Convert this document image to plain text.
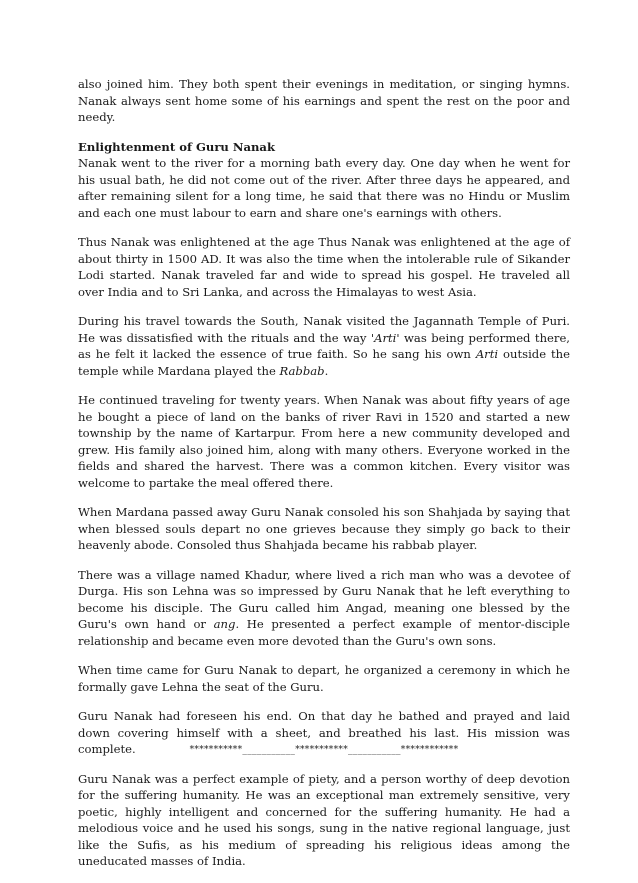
also joined him. They both spent their evenings in meditation, or singing hymns. Nanak always sent home some of his earnings and spent the rest on the poor and needy.

Enlightenment of Guru Nanak
Nanak went to the river for a morning bath every day. One day when he went for his usual bath, he did not come out of the river. After three days he appeared, and after remaining silent for a long time, he said that there was no Hindu or Muslim and each one must labour to earn and share one's earnings with others.

Thus Nanak was enlightened at the age Thus Nanak was enlightened at the age of about thirty in 1500 AD. It was also the time when the intolerable rule of Sikander Lodi started. Nanak traveled far and wide to spread his gospel. He traveled all over India and to Sri Lanka, and across the Himalayas to west Asia.

During his travel towards the South, Nanak visited the Jagannath Temple of Puri. He was dissatisfied with the rituals and the way 'Arti' was being performed there, as he felt it lacked the essence of true faith. So he sang his own Arti outside the temple while Mardana played the Rabbab.

He continued traveling for twenty years. When Nanak was about fifty years of age he bought a piece of land on the banks of river Ravi in 1520 and started a new township by the name of Kartarpur. From here a new community developed and grew. His family also joined him, along with many others. Everyone worked in the fields and shared the harvest. There was a common kitchen. Every visitor was welcome to partake the meal offered there.

When Mardana passed away Guru Nanak consoled his son Shahjada by saying that when blessed souls depart no one grieves because they simply go back to their heavenly abode. Consoled thus Shahjada became his rabbab player.

There was a village named Khadur, where lived a rich man who was a devotee of Durga. His son Lehna was so impressed by Guru Nanak that he left everything to become his disciple. The Guru called him Angad, meaning one blessed by the Guru's own hand or ang. He presented a perfect example of mentor-disciple relationship and became even more devoted than the Guru's own sons.

When time came for Guru Nanak to depart, he organized a ceremony in which he formally gave Lehna the seat of the Guru.

Guru Nanak had foreseen his end. On that day he bathed and prayed and laid down covering himself with a sheet, and breathed his last. His mission was complete.

Guru Nanak was a perfect example of piety, and a person worthy of deep devotion for the suffering humanity. He was an exceptional man extremely sensitive, very poetic, highly intelligent and concerned for the suffering humanity. He had a melodious voice and he used his songs, sung in the native regional language, just like the Sufis, as his medium of spreading his religious ideas among the uneducated masses of India.

***********___________***********___________************
